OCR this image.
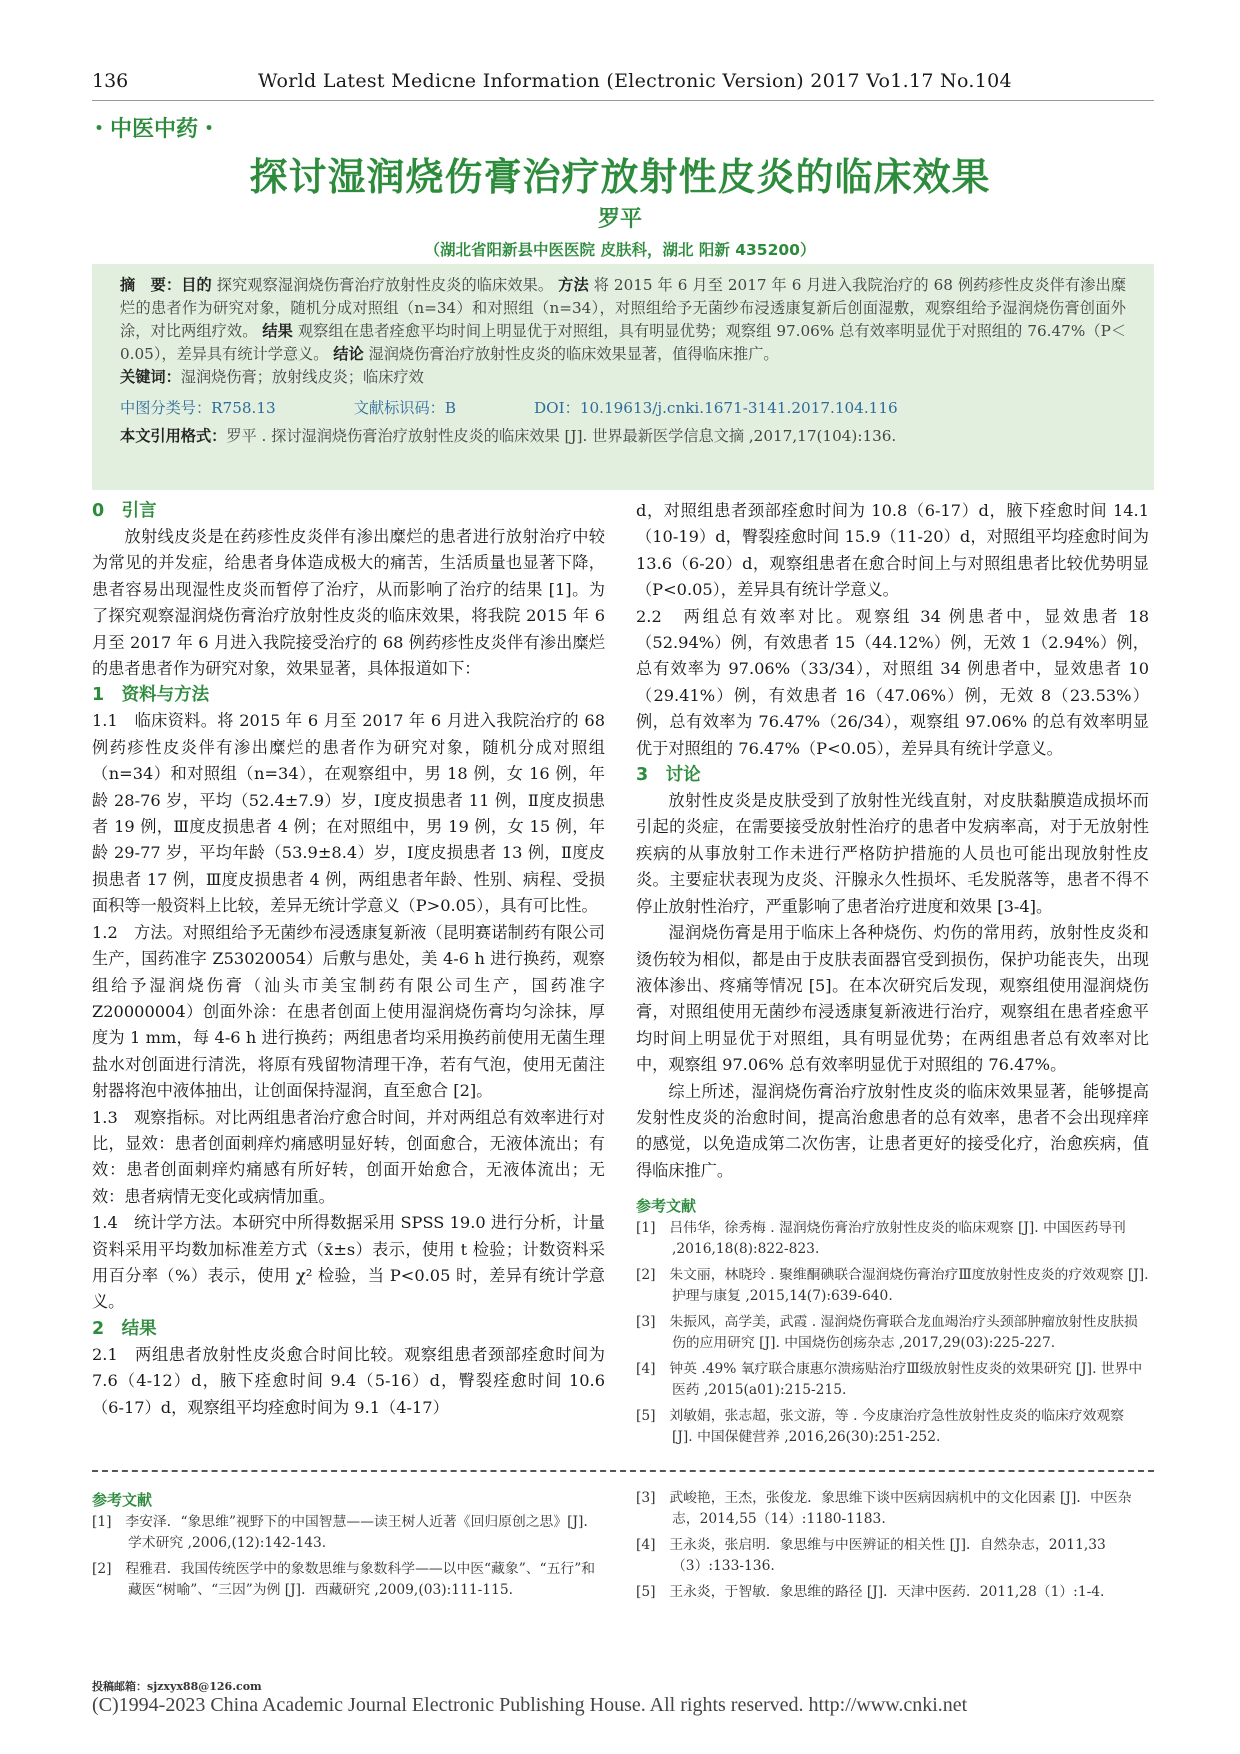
136	World Latest Medicne Information (Electronic Version) 2017 Vo1.17 No.104
・中医中药・
探讨湿润烧伤膏治疗放射性皮炎的临床效果
罗平
（湖北省阳新县中医医院 皮肤科，湖北 阳新 435200）

摘　要：目的 探究观察湿润烧伤膏治疗放射性皮炎的临床效果。 方法 将 2015 年 6 月至 2017 年 6 月进入我院治疗的 68 例药疹性皮炎伴有渗出糜烂的患者作为研究对象，随机分成对照组（n=34）和对照组（n=34），对照组给予无菌纱布浸透康复新后创面湿敷，观察组给予湿润烧伤膏创面外涂，对比两组疗效。 结果 观察组在患者痊愈平均时间上明显优于对照组，具有明显优势；观察组 97.06% 总有效率明显优于对照组的 76.47%（P＜0.05），差异具有统计学意义。 结论 湿润烧伤膏治疗放射性皮炎的临床效果显著，值得临床推广。

关键词：湿润烧伤膏；放射线皮炎；临床疗效

中图分类号：R758.13	文献标识码：B	DOI：10.19613/j.cnki.1671-3141.2017.104.116

本文引用格式：罗平 . 探讨湿润烧伤膏治疗放射性皮炎的临床效果 [J]. 世界最新医学信息文摘 ,2017,17(104):136.

0　引言

放射线皮炎是在药疹性皮炎伴有渗出糜烂的患者进行放射治疗中较为常见的并发症，给患者身体造成极大的痛苦，生活质量也显著下降，患者容易出现湿性皮炎而暂停了治疗，从而影响了治疗的结果 [1]。为了探究观察湿润烧伤膏治疗放射性皮炎的临床效果，将我院 2015 年 6 月至 2017 年 6 月进入我院接受治疗的 68 例药疹性皮炎伴有渗出糜烂的患者患者作为研究对象，效果显著，具体报道如下：

1　资料与方法

1.1　临床资料。将 2015 年 6 月至 2017 年 6 月进入我院治疗的 68 例药疹性皮炎伴有渗出糜烂的患者作为研究对象，随机分成对照组（n=34）和对照组（n=34），在观察组中，男 18 例，女 16 例，年龄 28-76 岁，平均（52.4±7.9）岁，Ⅰ度皮损患者 11 例，Ⅱ度皮损患者 19 例，Ⅲ度皮损患者 4 例；在对照组中，男 19 例，女 15 例，年龄 29-77 岁，平均年龄（53.9±8.4）岁，Ⅰ度皮损患者 13 例，Ⅱ度皮损患者 17 例，Ⅲ度皮损患者 4 例，两组患者年龄、性别、病程、受损面积等一般资料上比较，差异无统计学意义（P>0.05），具有可比性。

1.2　方法。对照组给予无菌纱布浸透康复新液（昆明赛诺制药有限公司生产，国药准字 Z53020054）后敷与患处，美 4-6 h 进行换药，观察组给予湿润烧伤膏（汕头市美宝制药有限公司生产，国药准字 Z20000004）创面外涂：在患者创面上使用湿润烧伤膏均匀涂抹，厚度为 1 mm，每 4-6 h 进行换药；两组患者均采用换药前使用无菌生理盐水对创面进行清洗，将原有残留物清理干净，若有气泡，使用无菌注射器将泡中液体抽出，让创面保持湿润，直至愈合 [2]。

1.3　观察指标。对比两组患者治疗愈合时间，并对两组总有效率进行对比，显效：患者创面刺痒灼痛感明显好转，创面愈合，无液体流出；有效：患者创面刺痒灼痛感有所好转，创面开始愈合，无液体流出；无效：患者病情无变化或病情加重。

1.4　统计学方法。本研究中所得数据采用 SPSS 19.0 进行分析，计量资料采用平均数加标准差方式（x̄±s）表示，使用 t 检验；计数资料采用百分率（%）表示，使用 χ² 检验，当 P<0.05 时，差异有统计学意义。

2　结果

2.1　两组患者放射性皮炎愈合时间比较。观察组患者颈部痊愈时间为 7.6（4-12）d，腋下痊愈时间 9.4（5-16）d，臀裂痊愈时间 10.6（6-17）d，观察组平均痊愈时间为 9.1（4-17）

d，对照组患者颈部痊愈时间为 10.8（6-17）d，腋下痊愈时间 14.1（10-19）d，臀裂痊愈时间 15.9（11-20）d，对照组平均痊愈时间为 13.6（6-20）d，观察组患者在愈合时间上与对照组患者比较优势明显（P<0.05），差异具有统计学意义。

2.2　两组总有效率对比。观察组 34 例患者中，显效患者 18（52.94%）例，有效患者 15（44.12%）例，无效 1（2.94%）例，总有效率为 97.06%（33/34），对照组 34 例患者中，显效患者 10（29.41%）例，有效患者 16（47.06%）例，无效 8（23.53%）例，总有效率为 76.47%（26/34），观察组 97.06% 的总有效率明显优于对照组的 76.47%（P<0.05），差异具有统计学意义。

3　讨论

放射性皮炎是皮肤受到了放射性光线直射，对皮肤黏膜造成损坏而引起的炎症，在需要接受放射性治疗的患者中发病率高，对于无放射性疾病的从事放射工作未进行严格防护措施的人员也可能出现放射性皮炎。主要症状表现为皮炎、汗腺永久性损坏、毛发脱落等，患者不得不停止放射性治疗，严重影响了患者治疗进度和效果 [3-4]。

湿润烧伤膏是用于临床上各种烧伤、灼伤的常用药，放射性皮炎和烫伤较为相似，都是由于皮肤表面器官受到损伤，保护功能丧失，出现液体渗出、疼痛等情况 [5]。在本次研究后发现，观察组使用湿润烧伤膏，对照组使用无菌纱布浸透康复新液进行治疗，观察组在患者痊愈平均时间上明显优于对照组，具有明显优势；在两组患者总有效率对比中，观察组 97.06% 总有效率明显优于对照组的 76.47%。

综上所述，湿润烧伤膏治疗放射性皮炎的临床效果显著，能够提高发射性皮炎的治愈时间，提高治愈患者的总有效率，患者不会出现痒痒的感觉，以免造成第二次伤害，让患者更好的接受化疗，治愈疾病，值得临床推广。

参考文献
[1]　吕伟华，徐秀梅 . 湿润烧伤膏治疗放射性皮炎的临床观察 [J]. 中国医药导刊 ,2016,18(8):822-823.
[2]　朱文丽，林晓玲 . 聚维酮碘联合湿润烧伤膏治疗Ⅲ度放射性皮炎的疗效观察 [J]. 护理与康复 ,2015,14(7):639-640.
[3]　朱振风，高学美，武霞 . 湿润烧伤膏联合龙血竭治疗头颈部肿瘤放射性皮肤损伤的应用研究 [J]. 中国烧伤创疡杂志 ,2017,29(03):225-227.
[4]　钟英 .49% 氧疗联合康惠尔溃疡贴治疗Ⅲ级放射性皮炎的效果研究 [J]. 世界中医药 ,2015(a01):215-215.
[5]　刘敏娟，张志超，张文游，等 . 今皮康治疗急性放射性皮炎的临床疗效观察 [J]. 中国保健营养 ,2016,26(30):251-252.
参考文献
[1]　李安泽．“象思维”视野下的中国智慧——读王树人近著《回归原创之思》[J]．学术研究 ,2006,(12):142-143.
[2]　程雅君．我国传统医学中的象数思维与象数科学——以中医“藏象”、“五行”和藏医“树喻”、“三因”为例 [J]．西藏研究 ,2009,(03):111-115.
[3]　武峻艳，王杰，张俊龙．象思维下谈中医病因病机中的文化因素 [J]．中医杂志，2014,55（14）:1180-1183.
[4]　王永炎，张启明．象思维与中医辨证的相关性 [J]．自然杂志，2011,33（3）:133-136.
[5]　王永炎，于智敏．象思维的路径 [J]．天津中医药．2011,28（1）:1-4.
投稿邮箱：sjzxyx88@126.com
(C)1994-2023 China Academic Journal Electronic Publishing House. All rights reserved. http://www.cnki.net
